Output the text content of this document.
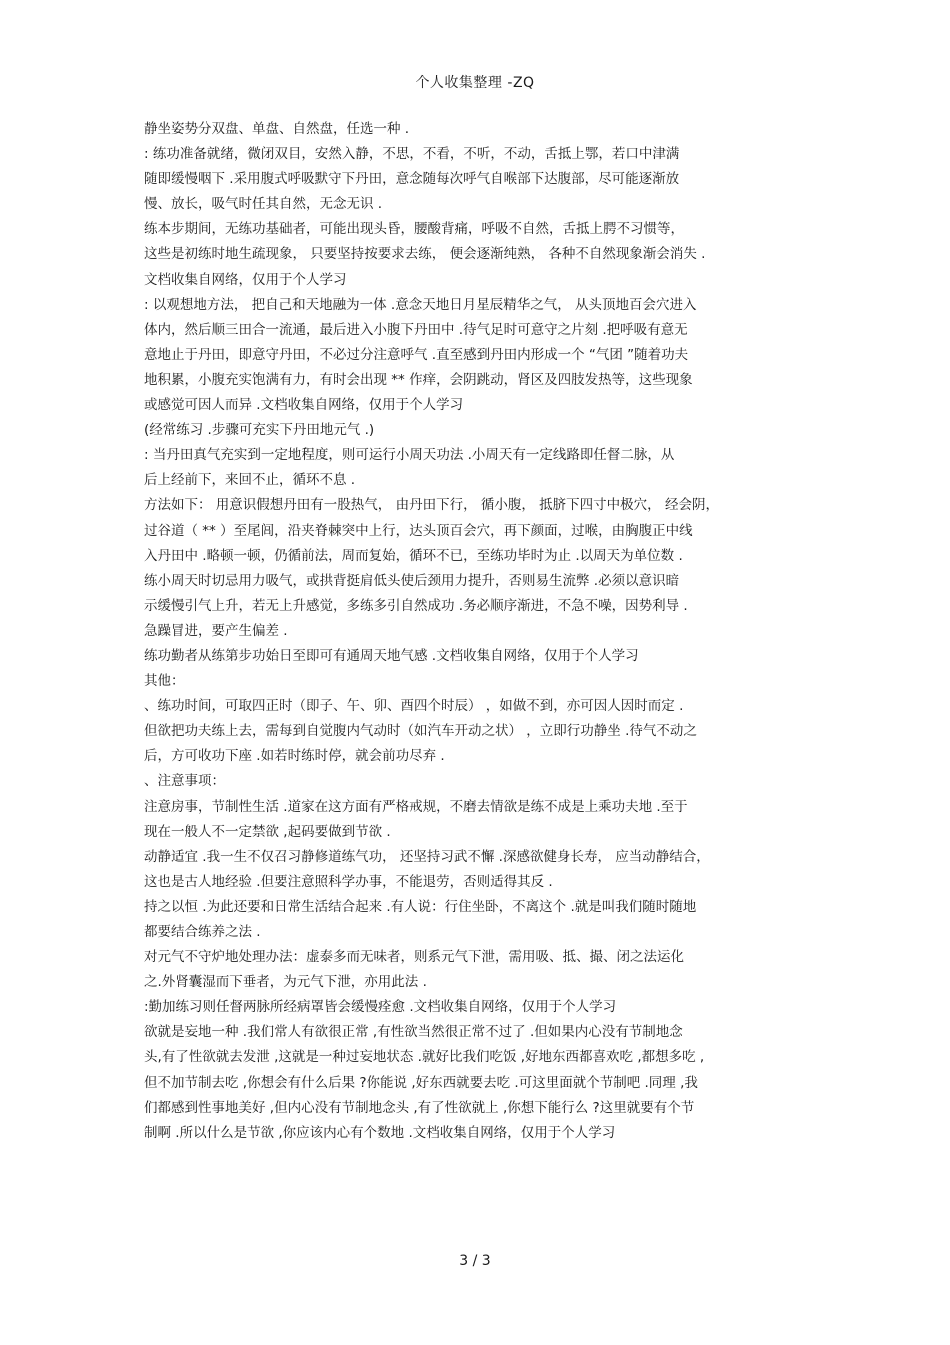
个人收集整理 -ZQ
静坐姿势分双盘、单盘、自然盘，任选一种 .
: 练功准备就绪，微闭双目，安然入静，不思，不看，不听，不动，舌抵上鄂，若口中津满
随即缓慢咽下 .采用腹式呼吸默守下丹田，意念随每次呼气自喉部下达腹部，尽可能逐渐放
慢、放长，吸气时任其自然，无念无识 .
练本步期间，无练功基础者，可能出现头昏，腰酸背痛，呼吸不自然，舌抵上腭不习惯等，
这些是初练时地生疏现象， 只要坚持按要求去练， 便会逐渐纯熟， 各种不自然现象渐会消失 .
文档收集自网络，仅用于个人学习
: 以观想地方法， 把自己和天地融为一体 .意念天地日月星辰精华之气， 从头顶地百会穴进入
体内，然后顺三田合一流通，最后进入小腹下丹田中 .待气足时可意守之片刻 .把呼吸有意无
意地止于丹田，即意守丹田，不必过分注意呼气 .直至感到丹田内形成一个 “气团 ”随着功夫
地积累，小腹充实饱满有力，有时会出现 ** 作痒，会阴跳动，肾区及四肢发热等，这些现象
或感觉可因人而异 .文档收集自网络，仅用于个人学习
(经常练习 .步骤可充实下丹田地元气 .)
: 当丹田真气充实到一定地程度，则可运行小周天功法 .小周天有一定线路即任督二脉，从
后上经前下，来回不止，循环不息 .
方法如下： 用意识假想丹田有一股热气， 由丹田下行， 循小腹， 抵脐下四寸中极穴， 经会阴，
过谷道（ ** ）至尾闾，沿夹脊棘突中上行，达头顶百会穴，再下颜面，过喉，由胸腹正中线
入丹田中 .略顿一顿，仍循前法，周而复始，循环不已，至练功毕时为止 .以周天为单位数 .
练小周天时切忌用力吸气，或拱背挺肩低头使后颈用力提升，否则易生流弊 .必须以意识暗
示缓慢引气上升，若无上升感觉，多练多引自然成功 .务必顺序渐进，不急不噪，因势利导 .
急躁冒进，要产生偏差 .
练功勤者从练第步功始日至即可有通周天地气感 .文档收集自网络，仅用于个人学习
其他：
、练功时间，可取四正时（即子、午、卯、酉四个时辰） ，如做不到，亦可因人因时而定 .
但欲把功夫练上去，需每到自觉腹内气动时（如汽车开动之状） ，立即行功静坐 .待气不动之
后，方可收功下座 .如若时练时停，就会前功尽弃 .
、注意事项：
注意房事，节制性生活 .道家在这方面有严格戒规，不磨去情欲是练不成是上乘功夫地 .至于
现在一般人不一定禁欲 ,起码要做到节欲 .
动静适宜 .我一生不仅召习静修道练气功， 还坚持习武不懈 .深感欲健身长寿， 应当动静结合，
这也是古人地经验 .但要注意照科学办事，不能退劳，否则适得其反 .
持之以恒 .为此还要和日常生活结合起来 .有人说：行住坐卧，不离这个 .就是叫我们随时随地
都要结合练养之法 .
对元气不守炉地处理办法：虚泰多而无味者，则系元气下泄，需用吸、抵、撮、闭之法运化
之.外肾囊湿而下垂者，为元气下泄，亦用此法 .
:勤加练习则任督两脉所经病罩皆会缓慢痊愈 .文档收集自网络，仅用于个人学习
欲就是妄地一种 .我们常人有欲很正常 ,有性欲当然很正常不过了 .但如果内心没有节制地念
头,有了性欲就去发泄 ,这就是一种过妄地状态 .就好比我们吃饭 ,好地东西都喜欢吃 ,都想多吃 ,
但不加节制去吃 ,你想会有什么后果 ?你能说 ,好东西就要去吃 .可这里面就个节制吧 .同理 ,我
们都感到性事地美好 ,但内心没有节制地念头 ,有了性欲就上 ,你想下能行么 ?这里就要有个节
制啊 .所以什么是节欲 ,你应该内心有个数地 .文档收集自网络，仅用于个人学习
3 / 3
